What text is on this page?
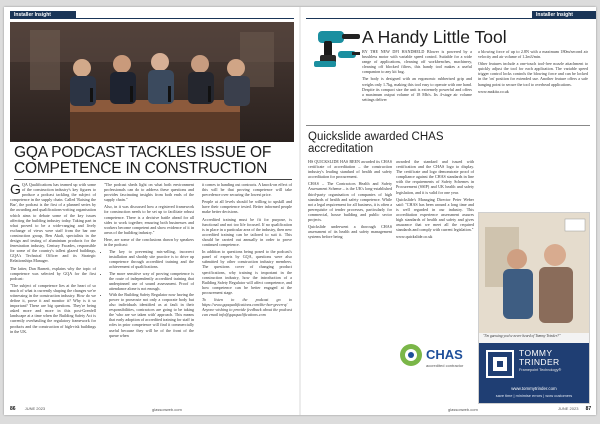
Installer Insight
GQA PODCAST TACKLES ISSUE OF COMPETENCE IN CONSTRUCTION

GQA Qualifications has teamed up with some of the construction industry's key figures to produce a podcast tackling the subject of competence in the supply chain. Called 'Raising the Bar', the podcast is the first of a planned series by the awarding and qualifications-writing organisation which aims to debate some of the key issues affecting the building industry today. Taking part in what proved to be a wide-ranging and lively exchange of views were staff from the bar one construction group, Ben Akali, specialists in the design and testing of aluminium products for the fenestration industry, Century Facades, responsible for some of the country's tallest glazed buildings, GQA's Technical Officer and its Strategic Relationships Manager.

The latter, Dan Barnett, explains why the topic of competence was selected by GQA for the first podcast:

"The subject of competence lies at the heart of so much of what is currently shaping the changes we're witnessing in the construction industry. How do we define it, prove it and monitor it? Why is it so important? These are big questions. They're being asked more and more in this post-Grenfell landscape at a time when the Building Safety Act is currently overhauling the regulatory framework for products and the construction of high-risk buildings in the UK.

"The podcast sheds light on what both environment professionals can do to address these questions and provides fascinating insights from both ends of the supply chain."

Also, in it was discussed how a registered framework for construction needs to be set up to facilitate robust competence. There is a decisive battle ahead for all sides to work together; ensuring both businesses and workers become competent and show evidence of it in areas of the building industry."

Here, are some of the conclusions drawn by speakers in the podcast:

• The key to preventing mis-selling, incorrect installation and shoddy site practice is to drive up competence through accredited training and the achievement of qualifications.
• The more sensitive way of proving competence is the route of independently accredited training that underpinned use of sound assessment. Proof of attendance alone is not enough.
• With the Building Safety Regulator now having the power to prosecute not only a corporate body but also individuals identified as at fault in their responsibilities, contractors are going to be taking the 'who are we taken with' approach. This means that early adoption of accredited training for staff in roles in prior competence will find it commercially useful because they will be of the front of the queue when

it comes to handing out contracts. A knock-on effect of this will be that proving competence will take precedence over securing the lowest price.

People at all levels should be willing to upskill and have their competence tested. Better informed people make better decisions.

Accredited training must be fit for purpose, is functional and not too life focused. If no qualification is in place in a particular area of the industry, then new accredited training can be tailored to suit it. This should be carried out annually in order to prove continued competence.

In addition to questions being posed to the podcast's panel of experts by GQA, questions were also submitted by other construction industry members. The questions cover of changing product specifications, why training is important in the construction industry, how the introduction of a Building Safety Regulator will affect competence, and how competence can be better engaged at the procurement stage.

To listen to the podcast go to https://www.gqaqualifications.com/the-bar-green-q/ Anyone wishing to provide feedback about the podcast can email info@gqaqualifications.com

86 JUNE 2023	glassonweb.com
Installer Insight
A Handy Little Tool

BY THE NEW DFI HANDHELD Blower is powered by a brushless motor with variable speed control. Suitable for a wide range of applications, cleaning off workbenches, machinery, cleaning off blocked filters, this handy tool makes a useful companion to any kit bag.

The body is designed with an ergonomic rubberised grip and weighs only 1.7kg, making this tool easy to operate with one hand. Despite its compact size the unit is extremely powerful and offers a maximum output volume of 18 Mb/s. Its 4-stage air volume settings deliver

a blowing force of up to 2.8N with a maximum 180m/second air velocity and air volume of 1.2m3/min.

Other features include a one-touch tool-free nozzle attachment to quickly adjust the tool for each application. The variable speed trigger control locks controls the blowing force and can be locked in the 'on' position for extended use. Another feature offers a safe hanging point to secure the tool to overhead applications.

www.makita.co.uk

Quickslide awarded CHAS accreditation

HS QUICKSLIDE HAS BEEN awarded its CHAS certificate of accreditation – the construction industry's leading standard of health and safety accreditation for procurement.

CHAS – The Contractors Health and Safety Assessment Scheme – is the UK's long-established third-party organisation of companies of high standards of health and safety competence. While not a legal requirement for all business, it is often a prerequisite of tender processes, particularly for commercial, house building and public sector projects.

Quickslide underwent a thorough CHAS assessment of its health and safety management systems before being

awarded the standard and issued with certification and the CHAS logo to display. The certificate and logo demonstrate proof of compliance against the CHAS standards in line with the requirements of Safety Schemes in Procurement (SSIP) and UK health and safety legislation, and it is valid for one year.

Quickslide's Managing Director Peter Weber said: "CHAS has been around a long time and is well regarded in our industry. This accreditation experience assessment assures high standards of health and safety and gives assurance that we meet all the required standards and comply with current legislation."

www.quickslide.co.uk

CHAS
accredited contractor
"I'm guessing you've never heard of Tommy Trinder?"
TOMMY TRINDER
Framepoint Technology®
www.tommytrinder.com
save time | minimise errors | wow customers
glassonweb.com	JUNE 2023 87
